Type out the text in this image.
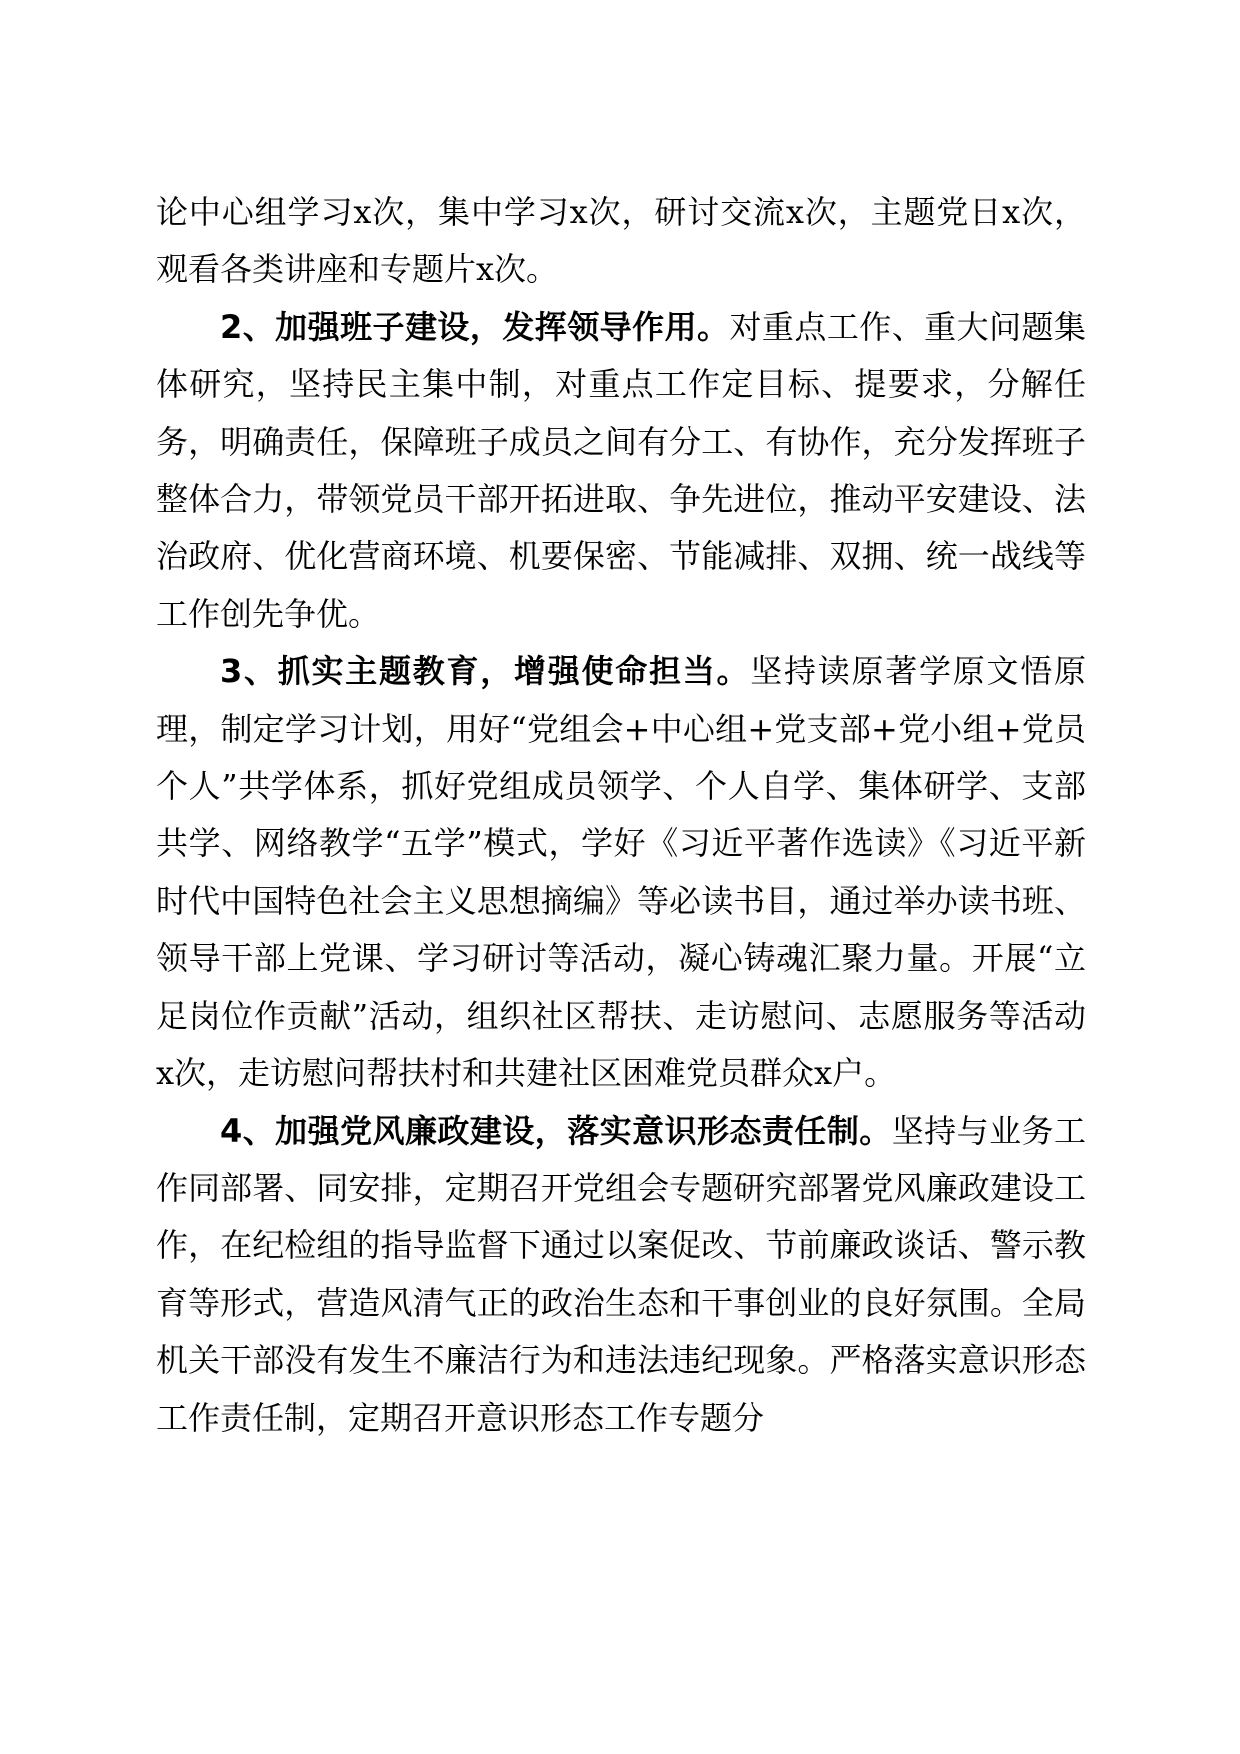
论中心组学习x次，集中学习x次，研讨交流x次，主题党日x次，观看各类讲座和专题片x次。

2、加强班子建设，发挥领导作用。对重点工作、重大问题集体研究，坚持民主集中制，对重点工作定目标、提要求，分解任务，明确责任，保障班子成员之间有分工、有协作，充分发挥班子整体合力，带领党员干部开拓进取、争先进位，推动平安建设、法治政府、优化营商环境、机要保密、节能减排、双拥、统一战线等工作创先争优。

3、抓实主题教育，增强使命担当。坚持读原著学原文悟原理，制定学习计划，用好“党组会+中心组+党支部+党小组+党员个人”共学体系，抓好党组成员领学、个人自学、集体研学、支部共学、网络教学“五学”模式，学好《习近平著作选读》《习近平新时代中国特色社会主义思想摘编》等必读书目，通过举办读书班、领导干部上党课、学习研讨等活动，凝心铸魂汇聚力量。开展“立足岗位作贡献”活动，组织社区帮扶、走访慰问、志愿服务等活动x次，走访慰问帮扶村和共建社区困难党员群众x户。

4、加强党风廉政建设，落实意识形态责任制。坚持与业务工作同部署、同安排，定期召开党组会专题研究部署党风廉政建设工作，在纪检组的指导监督下通过以案促改、节前廉政谈话、警示教育等形式，营造风清气正的政治生态和干事创业的良好氛围。全局机关干部没有发生不廉洁行为和违法违纪现象。严格落实意识形态工作责任制，定期召开意识形态工作专题分
